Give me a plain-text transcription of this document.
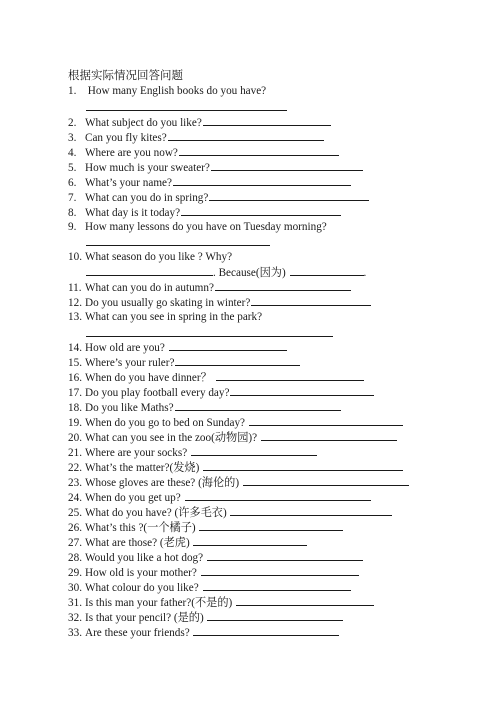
根据实际情况回答问题
1. How many English books do you have?
2. What subject do you like?
3. Can you fly kites?
4. Where are you now?
5. How much is your sweater?
6. What’s your name?
7. What can you do in spring?
8. What day is it today?
9. How many lessons do you have on Tuesday morning?
10. What season do you like ? Why?
. Because(因为)	.
11. What can you do in autumn?
12. Do you usually go skating in winter?
13. What can you see in spring in the park?
14. How old are you?
15. Where’s your ruler?
16. When do you have dinner？
17. Do you play football every day?
18. Do you like Maths?
19. When do you go to bed on Sunday?
20. What can you see in the zoo(动物园)?
21. Where are your socks?
22. What’s the matter?(发烧)
23. Whose gloves are these? (海伦的)
24. When do you get up?
25. What do you have? (许多毛衣)
26. What’s this ?(一个橘子)
27. What are those? (老虎)
28. Would you like a hot dog?
29. How old is your mother?
30. What colour do you like?
31. Is this man your father?(不是的)
32. Is that your pencil? (是的)
33. Are these your friends?
